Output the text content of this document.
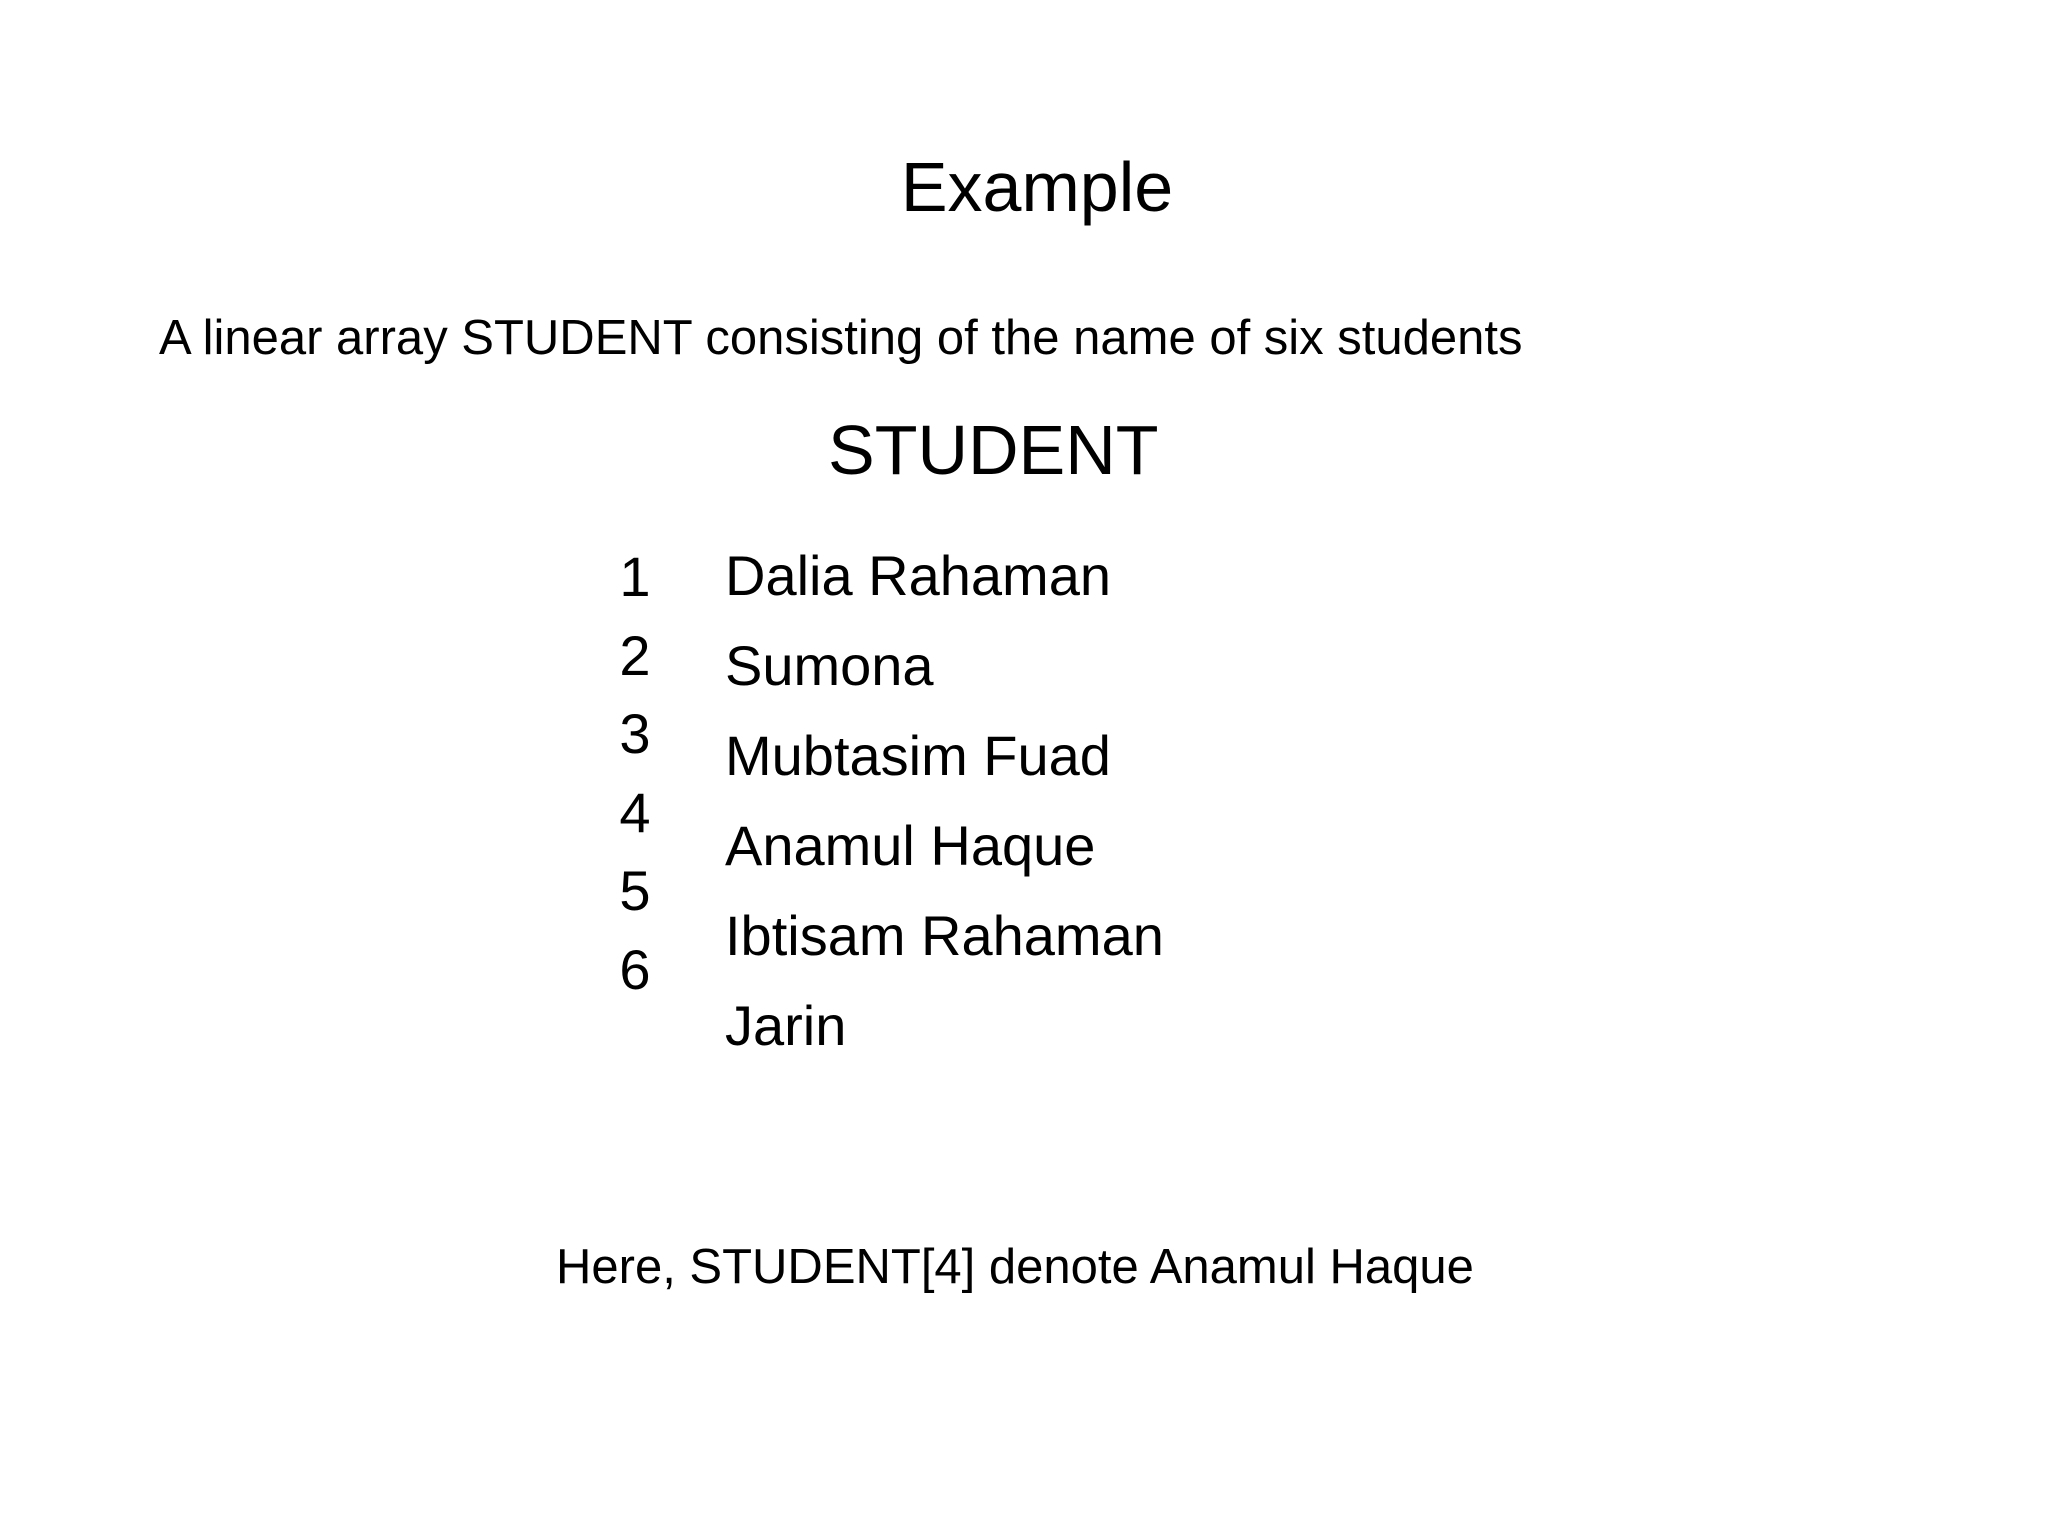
Example
A linear array STUDENT consisting of the name of six students
STUDENT
1
2
3
4
5
6
Dalia Rahaman
Sumona
Mubtasim Fuad
Anamul Haque
Ibtisam Rahaman
Jarin
Here, STUDENT[4] denote Anamul Haque
